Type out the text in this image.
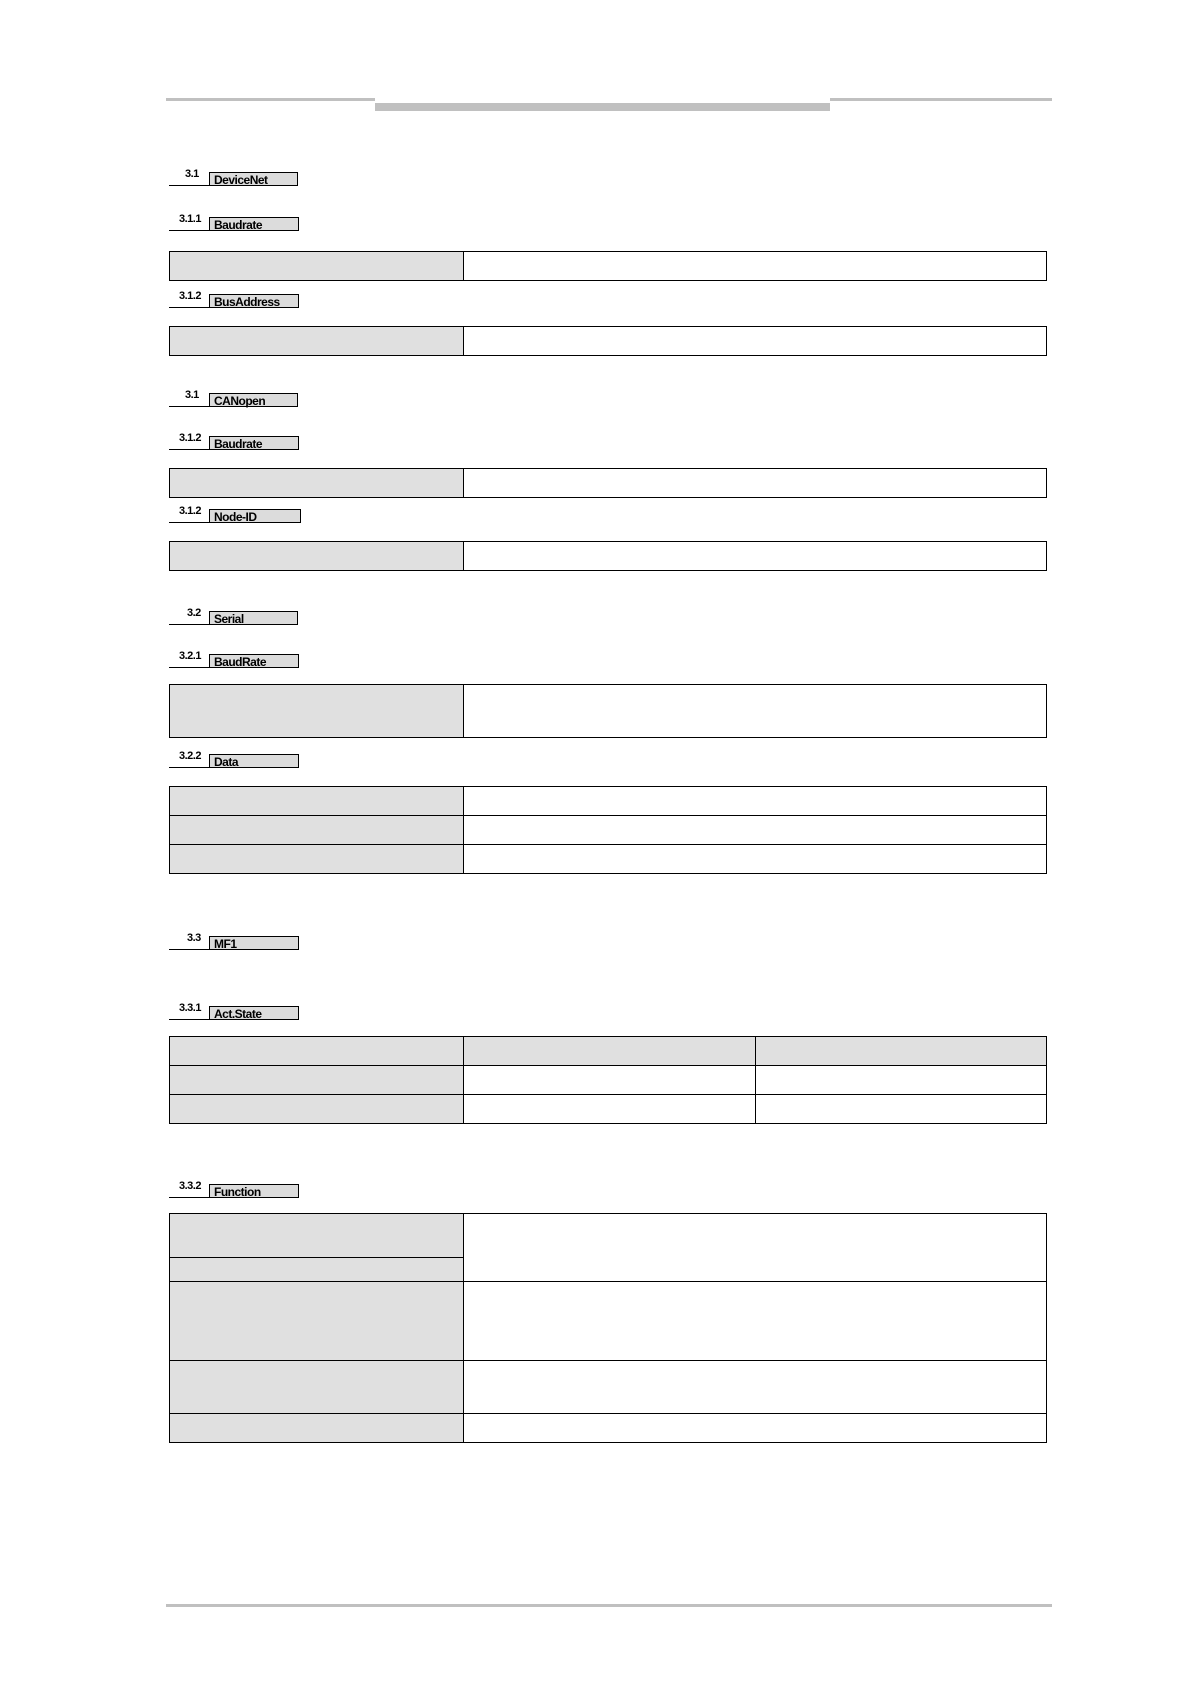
3.1	DeviceNet
3.1.1	Baudrate

3.1.2	BusAddress

3.1	CANopen
3.1.2	Baudrate

3.1.2	Node-ID

3.2	Serial
3.2.1	BaudRate

3.2.2	Data

3.3	MF1
3.3.1	Act.State

3.3.2	Function
